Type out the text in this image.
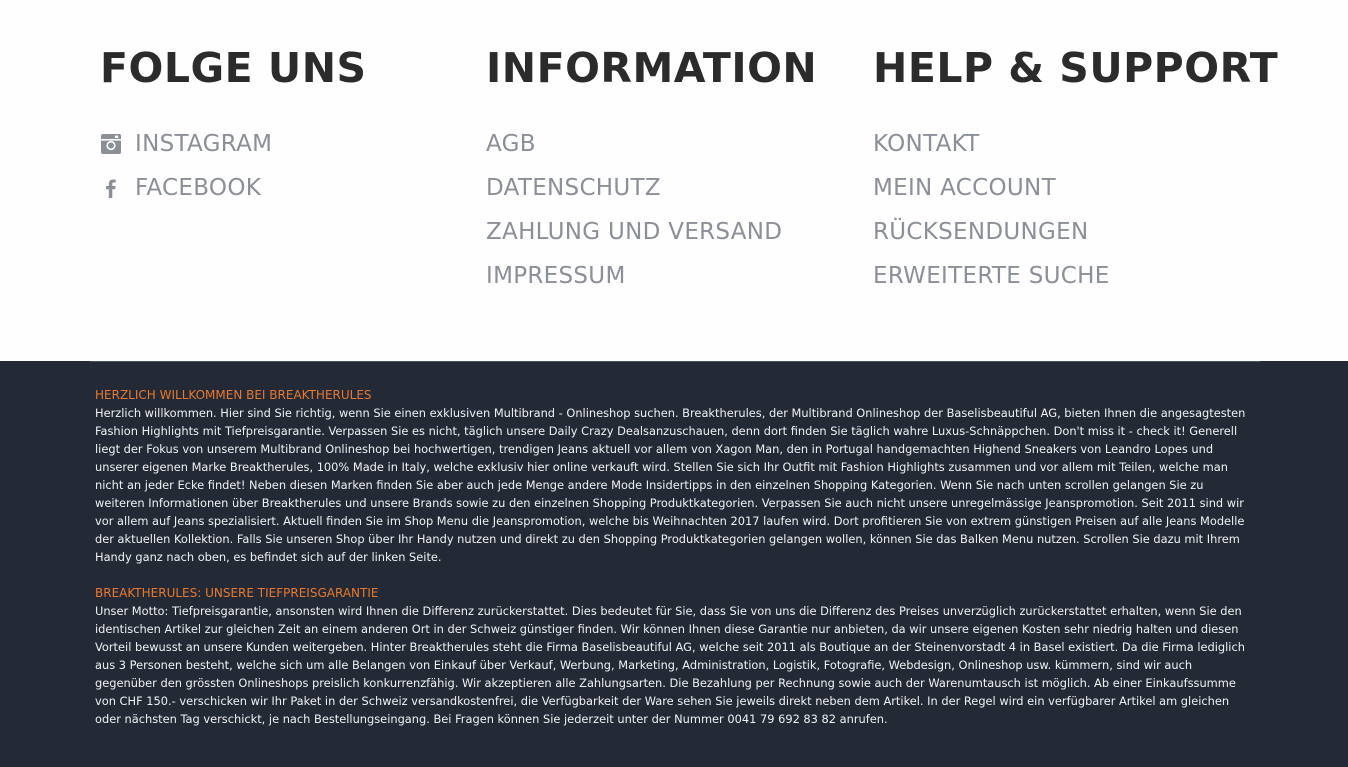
FOLGE UNS
INSTAGRAM
FACEBOOK
INFORMATION
AGB
DATENSCHUTZ
ZAHLUNG UND VERSAND
IMPRESSUM
HELP & SUPPORT
KONTAKT
MEIN ACCOUNT
RÜCKSENDUNGEN
ERWEITERTE SUCHE
HERZLICH WILLKOMMEN BEI BREAKTHERULES

Herzlich willkommen. Hier sind Sie richtig, wenn Sie einen exklusiven Multibrand - Onlineshop suchen. Breaktherules, der Multibrand Onlineshop der Baselisbeautiful AG, bieten Ihnen die angesagtesten Fashion Highlights mit Tiefpreisgarantie. Verpassen Sie es nicht, täglich unsere Daily Crazy Dealsanzuschauen, denn dort finden Sie täglich wahre Luxus-Schnäppchen. Don't miss it - check it! Generell liegt der Fokus von unserem Multibrand Onlineshop bei hochwertigen, trendigen Jeans aktuell vor allem von Xagon Man, den in Portugal handgemachten Highend Sneakers von Leandro Lopes und unserer eigenen Marke Breaktherules, 100% Made in Italy, welche exklusiv hier online verkauft wird. Stellen Sie sich Ihr Outfit mit Fashion Highlights zusammen und vor allem mit Teilen, welche man nicht an jeder Ecke findet! Neben diesen Marken finden Sie aber auch jede Menge andere Mode Insidertipps in den einzelnen Shopping Kategorien. Wenn Sie nach unten scrollen gelangen Sie zu weiteren Informationen über Breaktherules und unsere Brands sowie zu den einzelnen Shopping Produktkategorien. Verpassen Sie auch nicht unsere unregelmässige Jeanspromotion. Seit 2011 sind wir vor allem auf Jeans spezialisiert. Aktuell finden Sie im Shop Menu die Jeanspromotion, welche bis Weihnachten 2017 laufen wird. Dort profitieren Sie von extrem günstigen Preisen auf alle Jeans Modelle der aktuellen Kollektion. Falls Sie unseren Shop über Ihr Handy nutzen und direkt zu den Shopping Produktkategorien gelangen wollen, können Sie das Balken Menu nutzen. Scrollen Sie dazu mit Ihrem Handy ganz nach oben, es befindet sich auf der linken Seite.

BREAKTHERULES: UNSERE TIEFPREISGARANTIE

Unser Motto: Tiefpreisgarantie, ansonsten wird Ihnen die Differenz zurückerstattet. Dies bedeutet für Sie, dass Sie von uns die Differenz des Preises unverzüglich zurückerstattet erhalten, wenn Sie den identischen Artikel zur gleichen Zeit an einem anderen Ort in der Schweiz günstiger finden. Wir können Ihnen diese Garantie nur anbieten, da wir unsere eigenen Kosten sehr niedrig halten und diesen Vorteil bewusst an unsere Kunden weitergeben. Hinter Breaktherules steht die Firma Baselisbeautiful AG, welche seit 2011 als Boutique an der Steinenvorstadt 4 in Basel existiert. Da die Firma lediglich aus 3 Personen besteht, welche sich um alle Belangen von Einkauf über Verkauf, Werbung, Marketing, Administration, Logistik, Fotografie, Webdesign, Onlineshop usw. kümmern, sind wir auch gegenüber den grössten Onlineshops preislich konkurrenzfähig. Wir akzeptieren alle Zahlungsarten. Die Bezahlung per Rechnung sowie auch der Warenumtausch ist möglich. Ab einer Einkaufssumme von CHF 150.- verschicken wir Ihr Paket in der Schweiz versandkostenfrei, die Verfügbarkeit der Ware sehen Sie jeweils direkt neben dem Artikel. In der Regel wird ein verfügbarer Artikel am gleichen oder nächsten Tag verschickt, je nach Bestellungseingang. Bei Fragen können Sie jederzeit unter der Nummer 0041 79 692 83 82 anrufen.
